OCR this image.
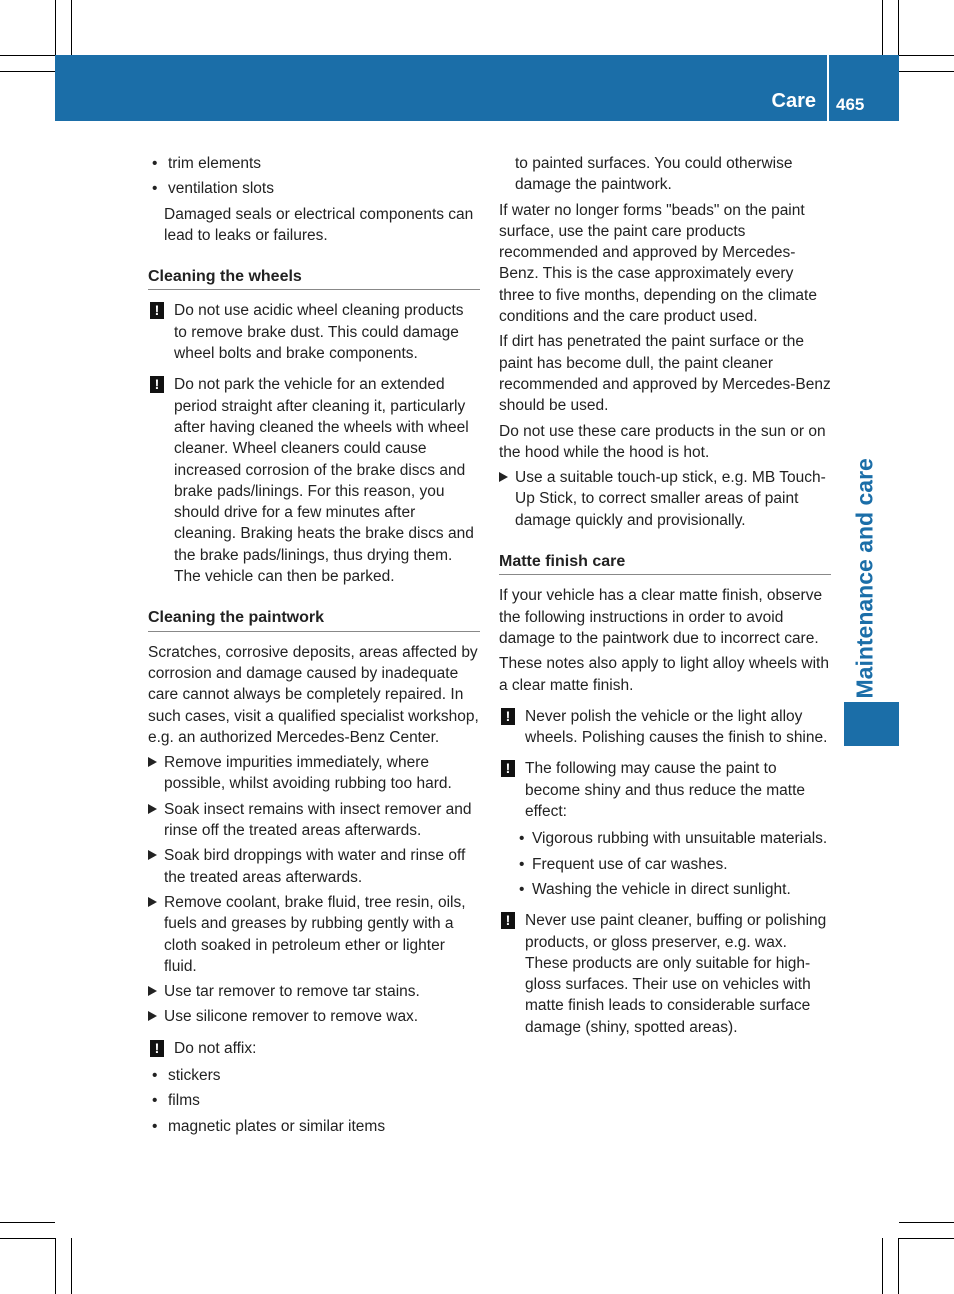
Care 465
Maintenance and care
• trim elements
• ventilation slots

Damaged seals or electrical components can lead to leaks or failures.

Cleaning the wheels
! Do not use acidic wheel cleaning products to remove brake dust. This could damage wheel bolts and brake components.
! Do not park the vehicle for an extended period straight after cleaning it, particularly after having cleaned the wheels with wheel cleaner. Wheel cleaners could cause increased corrosion of the brake discs and brake pads/linings. For this reason, you should drive for a few minutes after cleaning. Braking heats the brake discs and the brake pads/linings, thus drying them. The vehicle can then be parked.
Cleaning the paintwork

Scratches, corrosive deposits, areas affected by corrosion and damage caused by inadequate care cannot always be completely repaired. In such cases, visit a qualified specialist workshop, e.g. an authorized Mercedes-Benz Center.

Remove impurities immediately, where possible, whilst avoiding rubbing too hard.
Soak insect remains with insect remover and rinse off the treated areas afterwards.
Soak bird droppings with water and rinse off the treated areas afterwards.
Remove coolant, brake fluid, tree resin, oils, fuels and greases by rubbing gently with a cloth soaked in petroleum ether or lighter fluid.
Use tar remover to remove tar stains.
Use silicone remover to remove wax.
! Do not affix:
• stickers
• films
• magnetic plates or similar items

to painted surfaces. You could otherwise damage the paintwork.

If water no longer forms "beads" on the paint surface, use the paint care products recommended and approved by Mercedes-Benz. This is the case approximately every three to five months, depending on the climate conditions and the care product used.

If dirt has penetrated the paint surface or the paint has become dull, the paint cleaner recommended and approved by Mercedes-Benz should be used.

Do not use these care products in the sun or on the hood while the hood is hot.

Use a suitable touch-up stick, e.g. MB Touch-Up Stick, to correct smaller areas of paint damage quickly and provisionally.
Matte finish care

If your vehicle has a clear matte finish, observe the following instructions in order to avoid damage to the paintwork due to incorrect care.

These notes also apply to light alloy wheels with a clear matte finish.

! Never polish the vehicle or the light alloy wheels. Polishing causes the finish to shine.
! The following may cause the paint to become shiny and thus reduce the matte effect:
• Vigorous rubbing with unsuitable materials.
• Frequent use of car washes.
• Washing the vehicle in direct sunlight.
! Never use paint cleaner, buffing or polishing products, or gloss preserver, e.g. wax. These products are only suitable for high-gloss surfaces. Their use on vehicles with matte finish leads to considerable surface damage (shiny, spotted areas).
